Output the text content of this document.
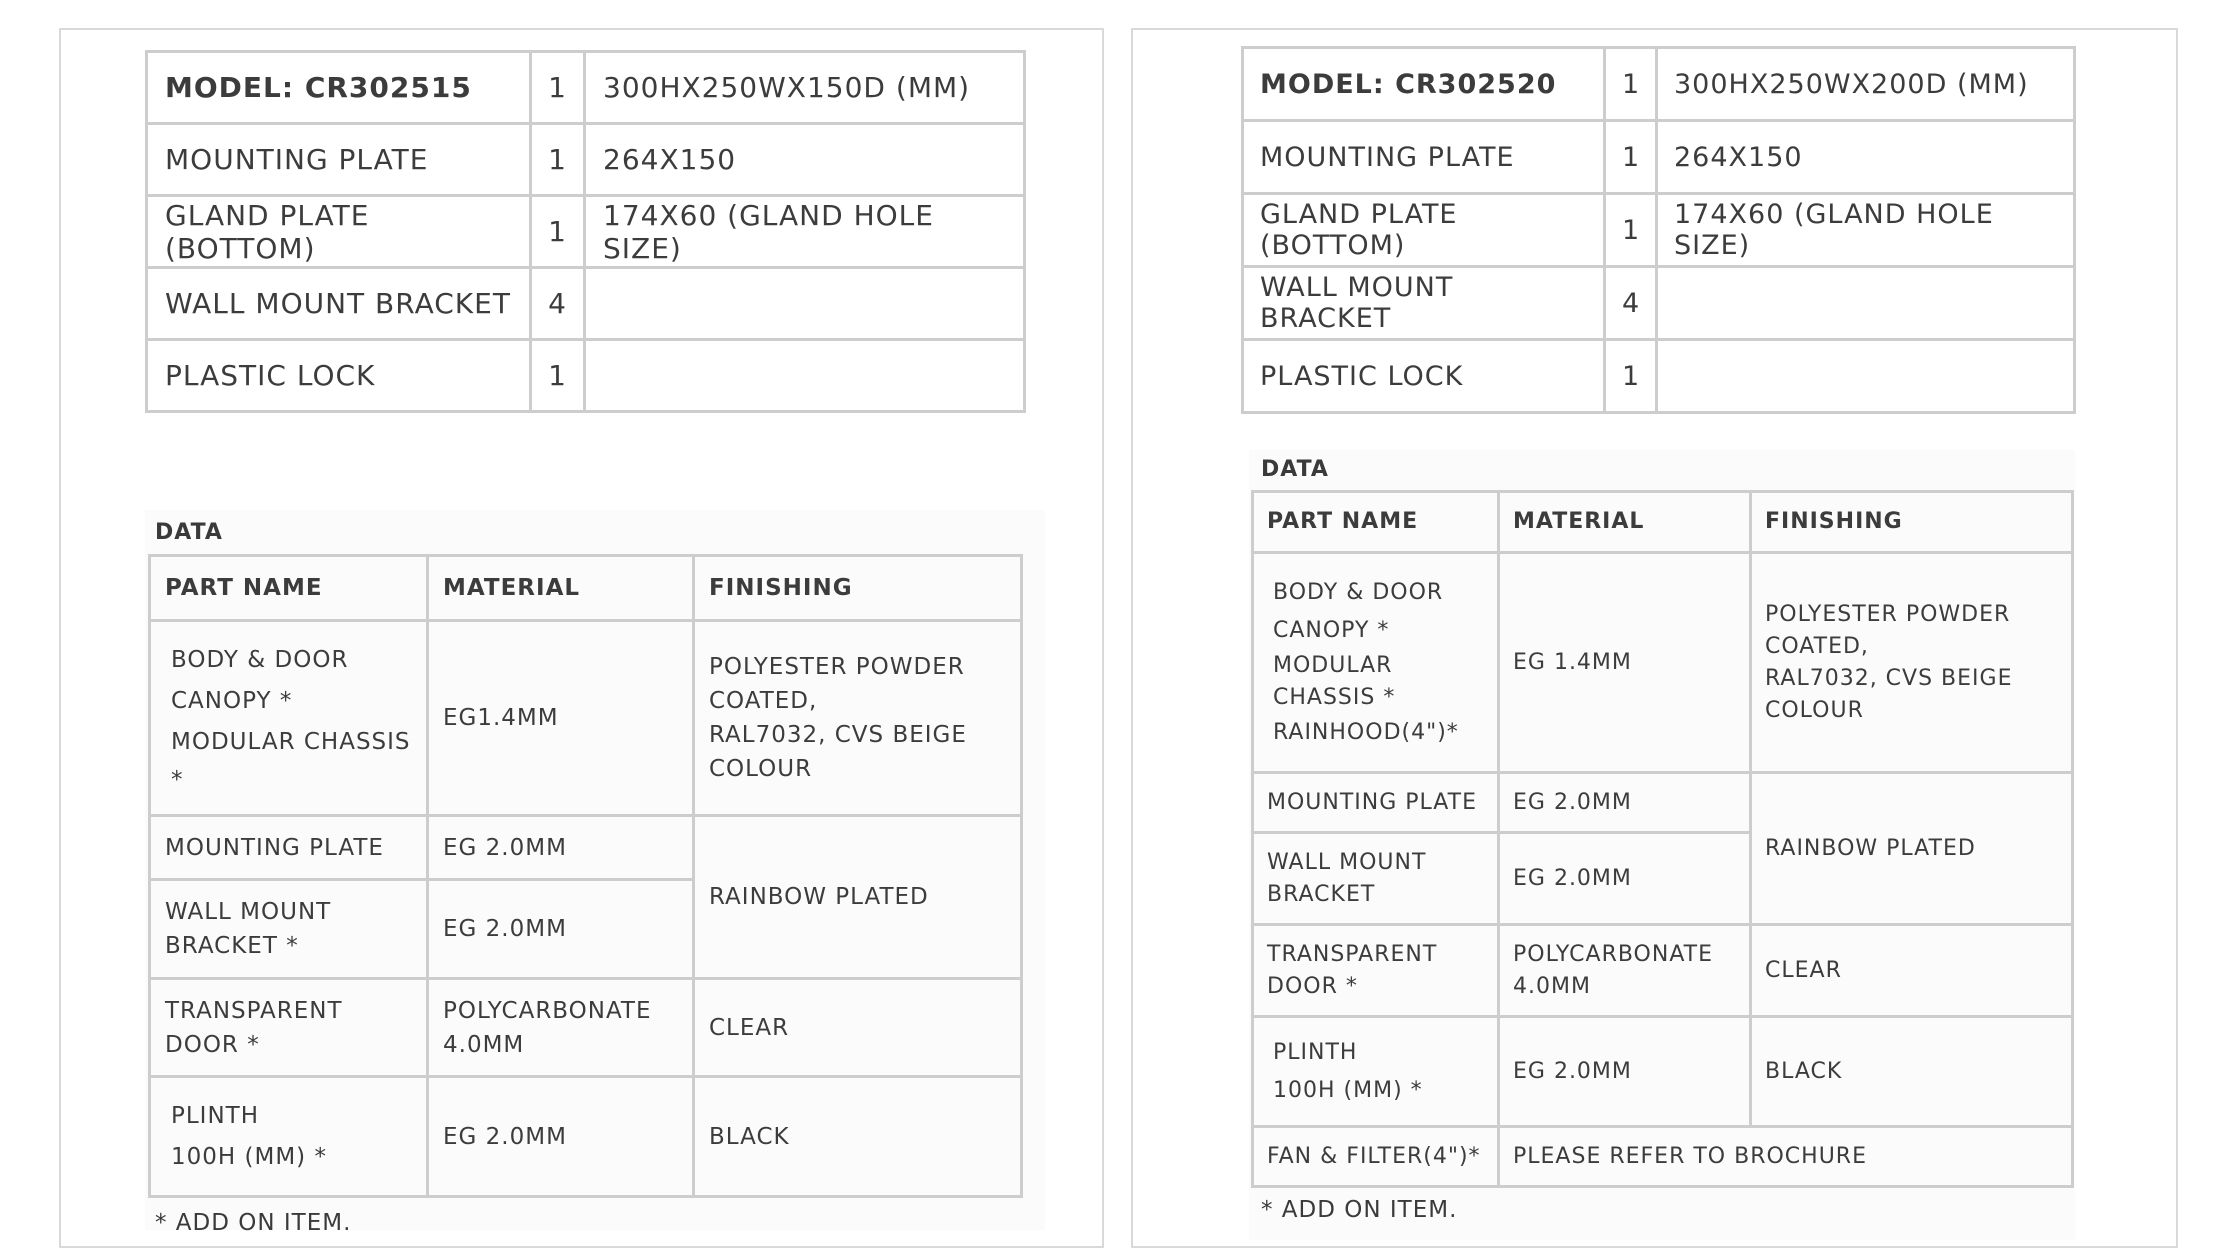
MODEL: CR302515	1	300HX250WX150D (MM)
MOUNTING PLATE	1	264X150
GLAND PLATE (BOTTOM)	1	174X60 (GLAND HOLE SIZE)
WALL MOUNT BRACKET	4	
PLASTIC LOCK	1	
DATA
PART NAME	MATERIAL	FINISHING

BODY & DOOR
CANOPY *
MODULAR CHASSIS
*	EG1.4MM	POLYESTER POWDER
COATED,
RAL7032, CVS BEIGE
COLOUR

MOUNTING PLATE	EG 2.0MM	RAINBOW PLATED

WALL MOUNT
BRACKET *	EG 2.0MM	

TRANSPARENT
DOOR *	POLYCARBONATE
4.0MM	CLEAR

PLINTH
100H (MM) *	EG 2.0MM	BLACK
* ADD ON ITEM.
MODEL: CR302520	1	300HX250WX200D (MM)
MOUNTING PLATE	1	264X150
GLAND PLATE (BOTTOM)	1	174X60 (GLAND HOLE SIZE)
WALL MOUNT BRACKET	4	
PLASTIC LOCK	1	
DATA
PART NAME	MATERIAL	FINISHING

BODY & DOOR
CANOPY *
MODULAR
CHASSIS *
RAINHOOD(4")*	EG 1.4MM	POLYESTER POWDER
COATED,
RAL7032, CVS BEIGE
COLOUR

MOUNTING PLATE	EG 2.0MM	RAINBOW PLATED

WALL MOUNT
BRACKET	EG 2.0MM	

TRANSPARENT
DOOR *	POLYCARBONATE
4.0MM	CLEAR

PLINTH
100H (MM) *	EG 2.0MM	BLACK
FAN & FILTER(4")*	PLEASE REFER TO BROCHURE	
* ADD ON ITEM.
